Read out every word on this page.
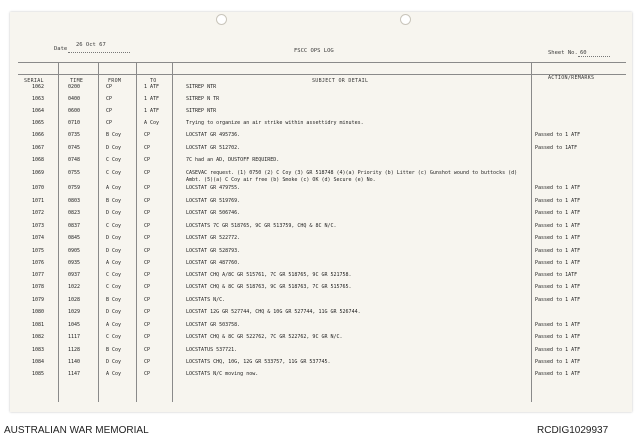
Date
26 Oct 67
FSCC OPS LOG	Sheet No. 60
SERIAL	TIME	FROM	TO	SUBJECT OR DETAIL	ACTION/REMARKS
1062	0200	CP	1 ATF	SITREP NTR
1063	0400	CP	1 ATF	SITREP N TR
1064	0600	CP	1 ATF	SITREP NTR
1065	0710	CP	A Coy	Trying to organize an air strike within assettidry minutes.
1066	0735	B Coy	CP	LOCSTAT GR 495736.	Passed to 1 ATF
1067	0745	D Coy	CP	LOCSTAT GR 512702.	Passed to 1ATF
1068	0748	C Coy	CP	7C had an AD, DUSTOFF REQUIRED.
1069	0755	C Coy	CP	CASEVAC request. (1) 0750 (2) C Coy (3) GR 518748 (4)(a) Priority (b) Litter (c) Gunshot wound to buttocks (d)
Ambt. (5)(a) C Coy air free (b) Smoke (c) OK (d) Secure (e) No.
1070	0759	A Coy	CP	LOCSTAT GR 479755.	Passed to 1 ATF
1071	0803	B Coy	CP	LOCSTAT GR 519769.	Passed to 1 ATF
1072	0823	D Coy	CP	LOCSTAT GR 506746.	Passed to 1 ATF
1073	0837	C Coy	CP	LOCSTATS 7C GR 518765, 9C GR 513759, CHQ & 8C N/C.	Passed to 1 ATF
1074	0845	D Coy	CP	LOCSTAT GR 522772.	Passed to 1 ATF
1075	0905	D Coy	CP	LOCSTAT GR 528793.	Passed to 1 ATF
1076	0935	A Coy	CP	LOCSTAT GR 487760.	Passed to 1 ATF
1077	0937	C Coy	CP	LOCSTAT CHQ A/8C GR 515761, 7C GR 518765, 9C GR 521758.	Passed to 1ATF
1078	1022	C Coy	CP	LOCSTAT CHQ & 8C GR 518763, 9C GR 518763, 7C GR 515765.	Passed to 1 ATF
1079	1028	B Coy	CP	LOCSTATS N/C.	Passed to 1 ATF
1080	1029	D Coy	CP	LOCSTAT 12G GR 527744, CHQ & 10G GR 527744, 11G GR 526744.
1081	1045	A Coy	CP	LOCSTAT GR 503758.	Passed to 1 ATF
1082	1117	C Coy	CP	LOCSTAT CHQ & 8C GR 522762, 7C GR 522762, 9C GR N/C.	Passed to 1 ATF
1083	1128	B Coy	CP	LOCSTATUS 537721.	Passed to 1 ATF
1084	1140	D Coy	CP	LOCSTATS CHQ, 10G, 12G GR 533757, 11G GR 537745.	Passed to 1 ATF
1085	1147	A Coy	CP	LOCSTATS N/C moving now.	Passed to 1 ATF
AUSTRALIAN WAR MEMORIAL	RCDIG1029937
